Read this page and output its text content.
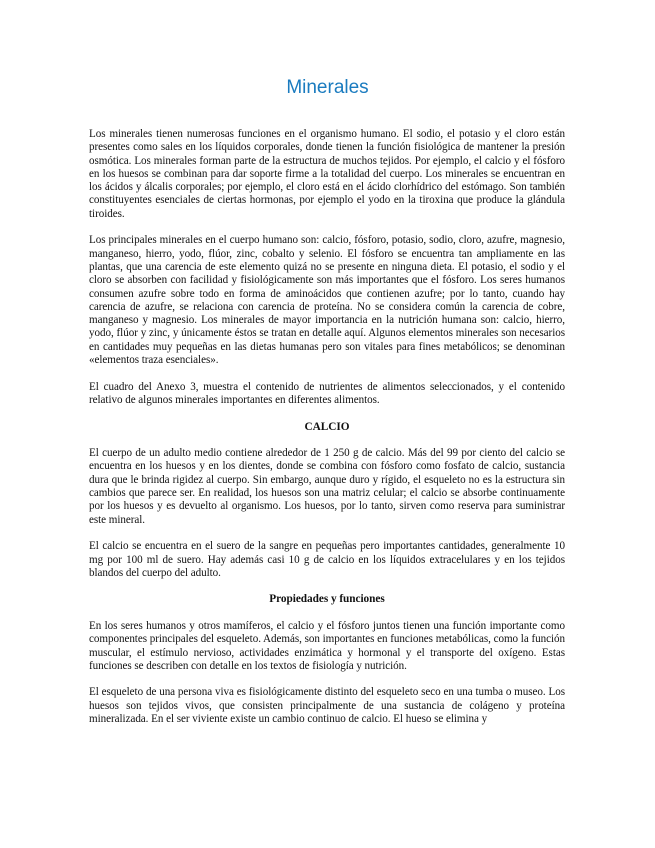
Minerales

Los minerales tienen numerosas funciones en el organismo humano. El sodio, el potasio y el cloro están presentes como sales en los líquidos corporales, donde tienen la función fisiológica de mantener la presión osmótica. Los minerales forman parte de la estructura de muchos tejidos. Por ejemplo, el calcio y el fósforo en los huesos se combinan para dar soporte firme a la totalidad del cuerpo. Los minerales se encuentran en los ácidos y álcalis corporales; por ejemplo, el cloro está en el ácido clorhídrico del estómago. Son también constituyentes esenciales de ciertas hormonas, por ejemplo el yodo en la tiroxina que produce la glándula tiroides.

Los principales minerales en el cuerpo humano son: calcio, fósforo, potasio, sodio, cloro, azufre, magnesio, manganeso, hierro, yodo, flúor, zinc, cobalto y selenio. El fósforo se encuentra tan ampliamente en las plantas, que una carencia de este elemento quizá no se presente en ninguna dieta. El potasio, el sodio y el cloro se absorben con facilidad y fisiológicamente son más importantes que el fósforo. Los seres humanos consumen azufre sobre todo en forma de aminoácidos que contienen azufre; por lo tanto, cuando hay carencia de azufre, se relaciona con carencia de proteína. No se considera común la carencia de cobre, manganeso y magnesio. Los minerales de mayor importancia en la nutrición humana son: calcio, hierro, yodo, flúor y zinc, y únicamente éstos se tratan en detalle aquí. Algunos elementos minerales son necesarios en cantidades muy pequeñas en las dietas humanas pero son vitales para fines metabólicos; se denominan «elementos traza esenciales».

El cuadro del Anexo 3, muestra el contenido de nutrientes de alimentos seleccionados, y el contenido relativo de algunos minerales importantes en diferentes alimentos.

CALCIO

El cuerpo de un adulto medio contiene alrededor de 1 250 g de calcio. Más del 99 por ciento del calcio se encuentra en los huesos y en los dientes, donde se combina con fósforo como fosfato de calcio, sustancia dura que le brinda rigidez al cuerpo. Sin embargo, aunque duro y rígido, el esqueleto no es la estructura sin cambios que parece ser. En realidad, los huesos son una matriz celular; el calcio se absorbe continuamente por los huesos y es devuelto al organismo. Los huesos, por lo tanto, sirven como reserva para suministrar este mineral.

El calcio se encuentra en el suero de la sangre en pequeñas pero importantes cantidades, generalmente 10 mg por 100 ml de suero. Hay además casi 10 g de calcio en los líquidos extracelulares y en los tejidos blandos del cuerpo del adulto.

Propiedades y funciones

En los seres humanos y otros mamíferos, el calcio y el fósforo juntos tienen una función importante como componentes principales del esqueleto. Además, son importantes en funciones metabólicas, como la función muscular, el estímulo nervioso, actividades enzimática y hormonal y el transporte del oxígeno. Estas funciones se describen con detalle en los textos de fisiología y nutrición.

El esqueleto de una persona viva es fisiológicamente distinto del esqueleto seco en una tumba o museo. Los huesos son tejidos vivos, que consisten principalmente de una sustancia de colágeno y proteína mineralizada. En el ser viviente existe un cambio continuo de calcio. El hueso se elimina y
